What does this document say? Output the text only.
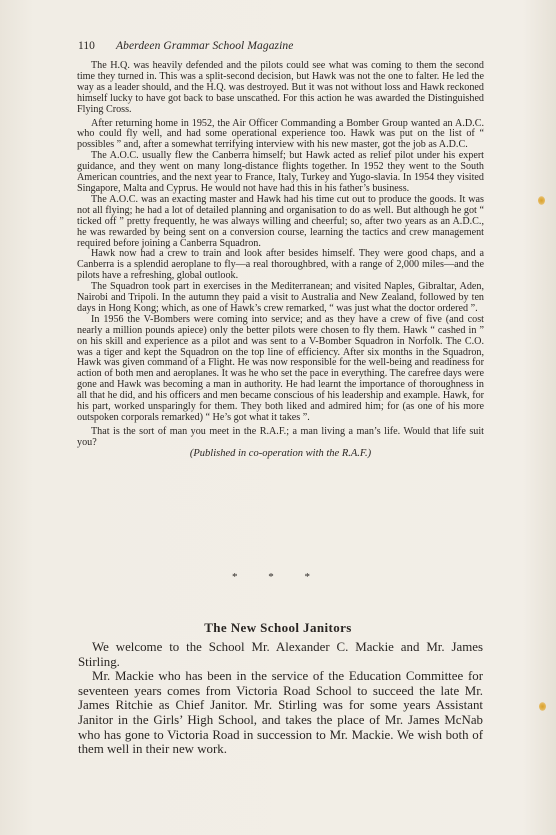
110 Aberdeen Grammar School Magazine

The H.Q. was heavily defended and the pilots could see what was coming to them the second time they turned in. This was a split-second decision, but Hawk was not the one to falter. He led the way as a leader should, and the H.Q. was destroyed. But it was not without loss and Hawk reckoned himself lucky to have got back to base unscathed. For this action he was awarded the Distinguished Flying Cross.

After returning home in 1952, the Air Officer Commanding a Bomber Group wanted an A.D.C. who could fly well, and had some operational experience too. Hawk was put on the list of “ possibles ” and, after a somewhat terrifying interview with his new master, got the job as A.D.C.

The A.O.C. usually flew the Canberra himself; but Hawk acted as relief pilot under his expert guidance, and they went on many long-distance flights together. In 1952 they went to the South American countries, and the next year to France, Italy, Turkey and Yugo-slavia. In 1954 they visited Singapore, Malta and Cyprus. He would not have had this in his father’s business.

The A.O.C. was an exacting master and Hawk had his time cut out to produce the goods. It was not all flying; he had a lot of detailed planning and organisation to do as well. But although he got “ ticked off ” pretty frequently, he was always willing and cheerful; so, after two years as an A.D.C., he was rewarded by being sent on a conversion course, learning the tactics and crew management required before joining a Canberra Squadron.

Hawk now had a crew to train and look after besides himself. They were good chaps, and a Canberra is a splendid aeroplane to fly—a real thoroughbred, with a range of 2,000 miles—and the pilots have a refreshing, global outlook.

The Squadron took part in exercises in the Mediterranean; and visited Naples, Gibraltar, Aden, Nairobi and Tripoli. In the autumn they paid a visit to Australia and New Zealand, followed by ten days in Hong Kong; which, as one of Hawk’s crew remarked, “ was just what the doctor ordered ”.

In 1956 the V-Bombers were coming into service; and as they have a crew of five (and cost nearly a million pounds apiece) only the better pilots were chosen to fly them. Hawk “ cashed in ” on his skill and experience as a pilot and was sent to a V-Bomber Squadron in Norfolk. The C.O. was a tiger and kept the Squadron on the top line of efficiency. After six months in the Squadron, Hawk was given command of a Flight. He was now responsible for the well-being and readiness for action of both men and aeroplanes. It was he who set the pace in everything. The carefree days were gone and Hawk was becoming a man in authority. He had learnt the importance of thoroughness in all that he did, and his officers and men became conscious of his leadership and example. Hawk, for his part, worked unsparingly for them. They both liked and admired him; for (as one of his more outspoken corporals remarked) “ He’s got what it takes ”.

That is the sort of man you meet in the R.A.F.; a man living a man’s life. Would that life suit you?

(Published in co-operation with the R.A.F.)

* * *
The New School Janitors

We welcome to the School Mr. Alexander C. Mackie and Mr. James Stirling.

Mr. Mackie who has been in the service of the Education Committee for seventeen years comes from Victoria Road School to succeed the late Mr. James Ritchie as Chief Janitor. Mr. Stirling was for some years Assistant Janitor in the Girls’ High School, and takes the place of Mr. James McNab who has gone to Victoria Road in succession to Mr. Mackie. We wish both of them well in their new work.
